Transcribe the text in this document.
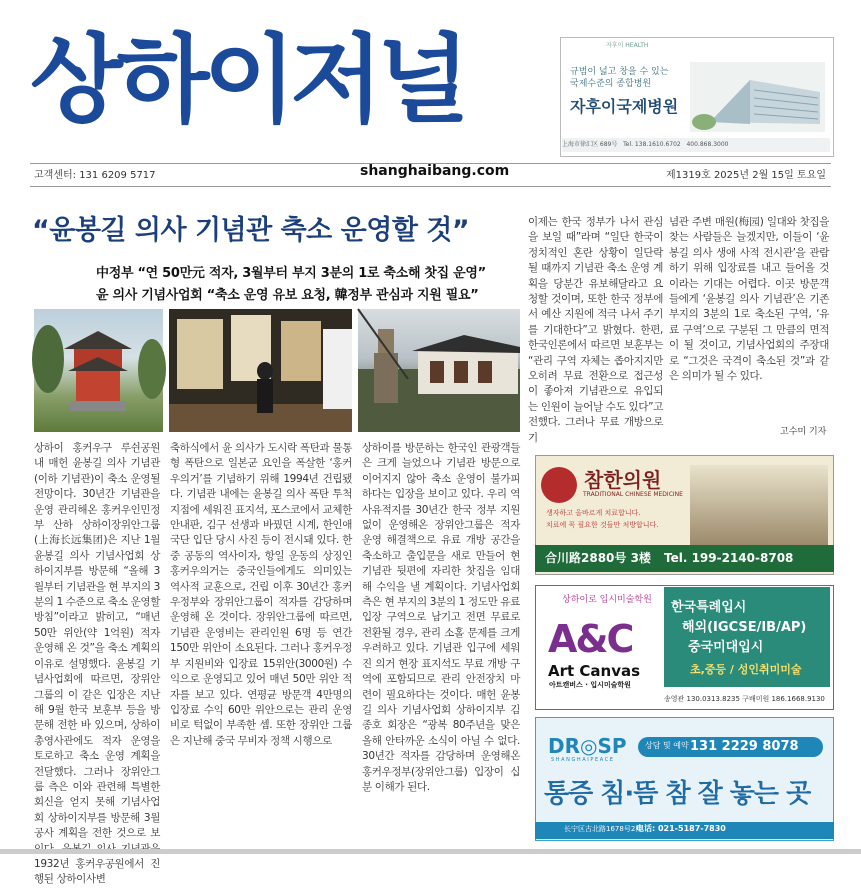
상하이저널	자후이 HEALTH
규범이 넓고 창을 수 있는
국제수준의 종합병원
자후이국제병원
上海市徐汇区 689号 Tel. 138.1610.6702 400.868.3000
고객센터: 131 6209 5717	shanghaibang.com	제1319호 2025년 2월 15일 토요일
“윤봉길 의사 기념관 축소 운영할 것”
中정부 “연 50만元 적자, 3월부터 부지 3분의 1로 축소해 찻집 운영”
윤 의사 기념사업회 “축소 운영 유보 요청, 韓정부 관심과 지원 필요”
상하이 홍커우구 루쉰공원 내 매헌 윤봉길 의사 기념관(이하 기념관)이 축소 운영될 전망이다. 30년간 기념관을 운영 관리해온 홍커우인민정부 산하 상하이장위안그룹(上海长远集团)은 지난 1월 윤봉길 의사 기념사업회 상하이지부를 방문해 “올해 3월부터 기념관을 현 부지의 3분의 1 수준으로 축소 운영할 방침”이라고 밝히고, “매년 50만 위안(약 1억원) 적자 운영해 온 것”을 축소 계획의 이유로 설명했다. 윤봉길 기념사업회에 따르면, 장위안그룹의 이 같은 입장은 지난해 9월 한국 보훈부 등을 방문해 전한 바 있으며, 상하이총영사관에도 적자 운영을 토로하고 축소 운영 계획을 전달했다. 그러나 장위안그룹 측은 이와 관련해 특별한 회신을 얻지 못해 기념사업회 상하이지부를 방문해 3월 공사 계획을 전한 것으로 보 1932년 홍커우공원에서 진행된 상하이사변
축하식에서 윤 의사가 도시락 폭탄과 물통형 폭탄으로 일본군 요인을 폭살한 ‘홍커우의거’를 기념하기 위해 1994년 건립됐다. 기념관 내에는 윤봉길 의사 폭탄 투척 지점에 세워진 표지석, 포스코에서 교체한 안내판, 김구 선생과 바꿨던 시계, 한인애국단 입단 당시 사진 등이 전시돼 있다. 한중 공동의 역사이자, 항일 운동의 상징인 홍커우의거는 중국인들에게도 의미있는 역사적 교훈으로, 건립 이후 30년간 홍커우정부와 장위안그룹이 적자를 감당하며 운영해 온 것이다. 장위안그룹에 따르면, 기념관 운영비는 관리인원 6명 등 연간 150만 위안이 소요된다. 그러나 홍커우정부 지원비와 입장료 15위안(3000원) 수익으로 운영되고 있어 매년 50만 위안 적자를 보고 있다. 연평균 방문객 4만명의 입장료 수익 60만 위안으로는 관리 운영비로 턱없이 부족한 셈. 또한 장위안 그룹은 지난해 중국 무비자 정책 시행으로
상하이를 방문하는 한국인 관광객들은 크게 늘었으나 기념관 방문으로 이어지지 않아 축소 운영이 불가피하다는 입장을 보이고 있다. 우리 역사유적지를 30년간 한국 정부 지원 없이 운영해온 장위안그룹은 적자 운영 해결책으로 유료 개방 공간을 축소하고 출입문을 새로 만들어 현 기념관 뒷편에 자리한 찻집을 임대해 수익을 낼 계획이다. 기념사업회 측은 현 부지의 3분의 1 정도만 유료 입장 구역으로 남기고 전면 무료로 전환될 경우, 관리 소홀 문제를 크게 우려하고 있다. 기념관 입구에 세워진 의거 현장 표지석도 무료 개방 구역에 포함되므로 관리 안전장치 마련이 필요하다는 것이다. 매헌 윤봉길 의사 기념사업회 상하이지부 김종호 회장은 “광복 80주년을 맞은 올해 안타까운 소식이 아닐 수 없다. 30년간 적자를 감당하며 운영해온 홍커우정부(장위안그룹) 입장이 십분 이해가 된다.
이제는 한국 정부가 나서 관심을 보일 때”라며 “일단 한국이 정치적인 혼란 상황이 일단락될 때까지 기념관 축소 운영 계획을 당분간 유보해달라고 요청할 것이며, 또한 한국 정부에서 예산 지원에 적극 나서 주기를 기대한다”고 밝혔다. 한편, 한국인론에서 따르면 보훈부는 “관리 구역 자체는 좁아지지만 오히려 무료 전환으로 접근성이 좋아져 기념관으로 유입되는 인원이 늘어날 수도 있다”고 전했다. 그러나 무료 개방으로 기
념관 주변 매원(梅园) 일대와 찻집을 찾는 사람들은 늘겠지만, 이들이 ‘윤봉길 의사 생애 사적 전시관’을 관람하기 위해 입장료를 내고 들어올 것이라는 기대는 어렵다. 이곳 방문객들에게 ‘윤봉길 의사 기념관’은 기존 부지의 3분의 1로 축소된 구역, ‘유료 구역’으로 구분된 그 만큼의 면적이 될 것이고, 기념사업회의 주장대로 “그것은 국격이 축소된 것”과 같은 의미가 될 수 있다.
고수미 기자
참한의원
TRADITIONAL CHINESE MEDICINE
생자하고 올바르게 치료합니다.
치료에 꼭 필요한 것들만 처방합니다.
合川路2880号 3楼 Tel. 199-2140-8708
상하이로 입시미술학원
A&C
Art Canvas
아트캔버스 · 입시미술학원
한국특례입시
해외(IGCSE/IB/AP)
중국미대입시
초,중등 / 성인취미미술
송영관 130.0313.8235 구배미원 186.1668.9130
DR◎SP
S H A N G H A I P E A C E
상담 및 예약 131 2229 8078
통증 침·뜸 참 잘 놓는 곳
长宁区古北路1678号2楼
电话: 021-5187-7830
